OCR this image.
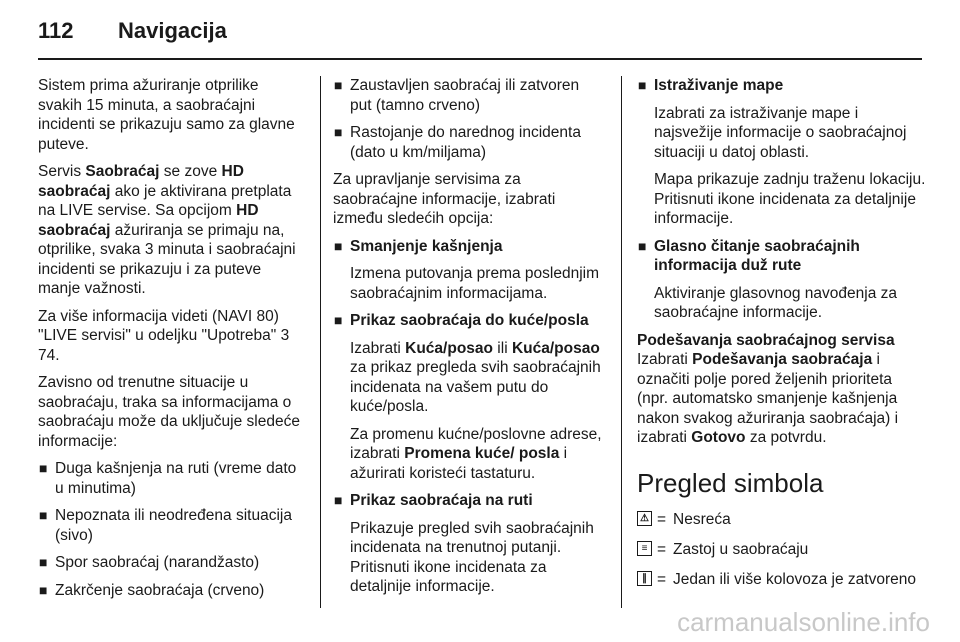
112 Navigacija

Sistem prima ažuriranje otprilike svakih 15 minuta, a saobraćajni incidenti se prikazuju samo za glavne puteve.

Servis Saobraćaj se zove HD saobraćaj ako je aktivirana pretplata na LIVE servise. Sa opcijom HD saobraćaj ažuriranja se primaju na, otprilike, svaka 3 minuta i saobraćajni incidenti se prikazuju i za puteve manje važnosti.

Za više informacija videti (NAVI 80) "LIVE servisi" u odeljku "Upotreba" 3 74.

Zavisno od trenutne situacije u saobraćaju, traka sa informacijama o saobraćaju može da uključuje sledeće informacije:

■ Duga kašnjenja na ruti (vreme dato u minutima)
■ Nepoznata ili neodređena situacija (sivo)
■ Spor saobraćaj (narandžasto)
■ Zakrčenje saobraćaja (crveno)
■ Zaustavljen saobraćaj ili zatvoren put (tamno crveno)
■ Rastojanje do narednog incidenta (dato u km/miljama)

Za upravljanje servisima za saobraćajne informacije, izabrati između sledećih opcija:

■ Smanjenje kašnjenja
Izmena putovanja prema poslednjim saobraćajnim informacijama.
■ Prikaz saobraćaja do kuće/posla
Izabrati Kuća/posao ili Kuća/posao za prikaz pregleda svih saobraćajnih incidenata na vašem putu do kuće/posla.
Za promenu kućne/poslovne adrese, izabrati Promena kuće/ posla i ažurirati koristeći tastaturu.
■ Prikaz saobraćaja na ruti
Prikazuje pregled svih saobraćajnih incidenata na trenutnoj putanji. Pritisnuti ikone incidenata za detaljnije informacije.
■ Istraživanje mape
Izabrati za istraživanje mape i najsvežije informacije o saobraćajnoj situaciji u datoj oblasti.
Mapa prikazuje zadnju traženu lokaciju. Pritisnuti ikone incidenata za detaljnije informacije.
■ Glasno čitanje saobraćajnih informacija duž rute
Aktiviranje glasovnog navođenja za saobraćajne informacije.
Podešavanja saobraćajnog servisa

Izabrati Podešavanja saobraćaja i označiti polje pored željenih prioriteta (npr. automatsko smanjenje kašnjenja nakon svakog ažuriranja saobraćaja) i izabrati Gotovo za potvrdu.

Pregled simbola
⚠ = Nesreća
≡ = Zastoj u saobraćaju
∥ = Jedan ili više kolovoza je zatvoreno
carmanualsonline.info
